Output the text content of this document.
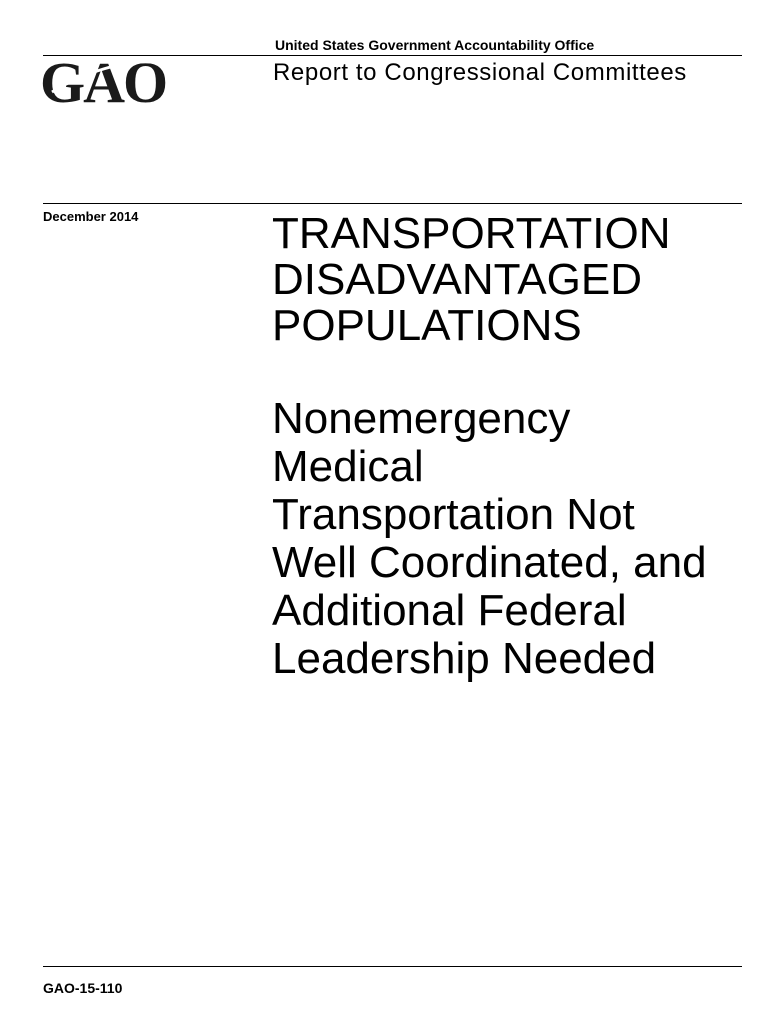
United States Government Accountability Office
GAO	Report to Congressional Committees
December 2014	TRANSPORTATION
DISADVANTAGED
POPULATIONS
Nonemergency
Medical
Transportation Not
Well Coordinated, and
Additional Federal
Leadership Needed
GAO-15-110
